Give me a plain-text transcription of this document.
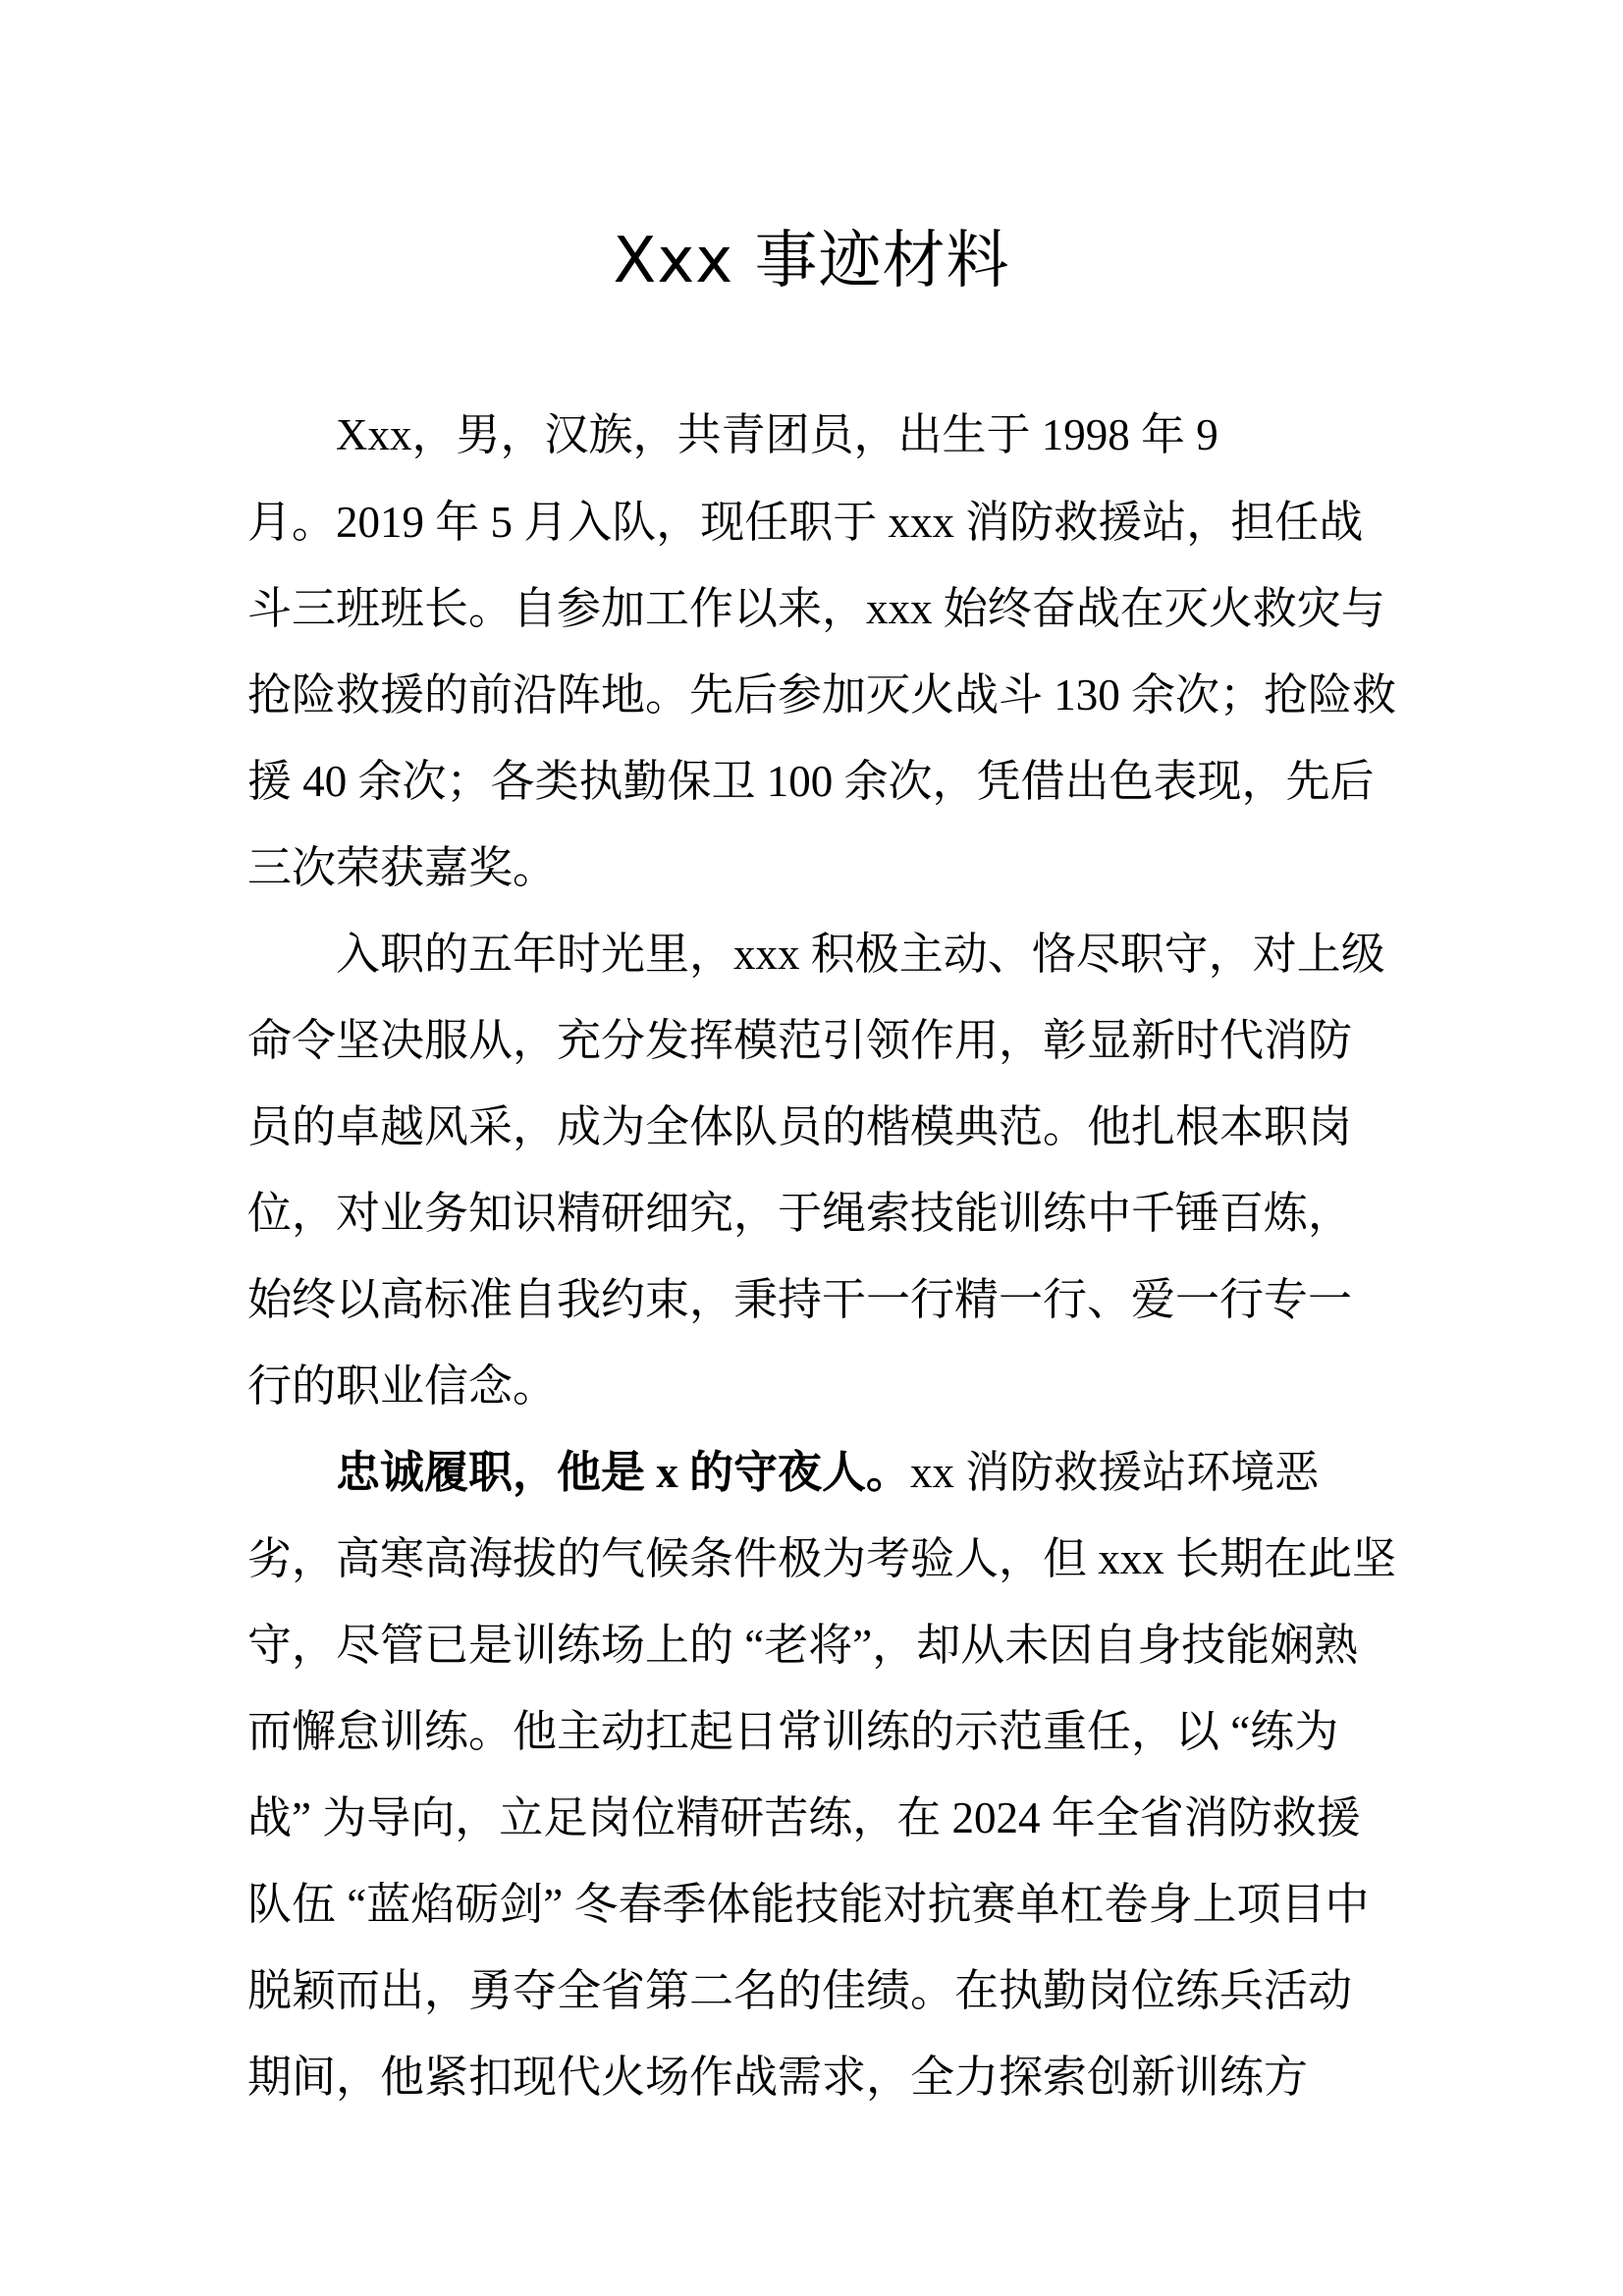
Xxx 事迹材料
Xxx，男，汉族，共青团员，出生于 1998 年 9
月。2019 年 5 月入队，现任职于 xxx 消防救援站，担任战
斗三班班长。自参加工作以来，xxx 始终奋战在灭火救灾与
抢险救援的前沿阵地。先后参加灭火战斗 130 余次；抢险救
援 40 余次；各类执勤保卫 100 余次，凭借出色表现，先后
三次荣获嘉奖。
入职的五年时光里，xxx 积极主动、恪尽职守，对上级
命令坚决服从，充分发挥模范引领作用，彰显新时代消防
员的卓越风采，成为全体队员的楷模典范。他扎根本职岗
位，对业务知识精研细究，于绳索技能训练中千锤百炼，
始终以高标准自我约束，秉持干一行精一行、爱一行专一
行的职业信念。
忠诚履职，他是 x 的守夜人。xx 消防救援站环境恶
劣，高寒高海拔的气候条件极为考验人，但 xxx 长期在此坚
守，尽管已是训练场上的 “老将”，却从未因自身技能娴熟
而懈怠训练。他主动扛起日常训练的示范重任，以 “练为
战” 为导向，立足岗位精研苦练，在 2024 年全省消防救援
队伍 “蓝焰砺剑” 冬春季体能技能对抗赛单杠卷身上项目中
脱颖而出，勇夺全省第二名的佳绩。在执勤岗位练兵活动
期间，他紧扣现代火场作战需求，全力探索创新训练方
